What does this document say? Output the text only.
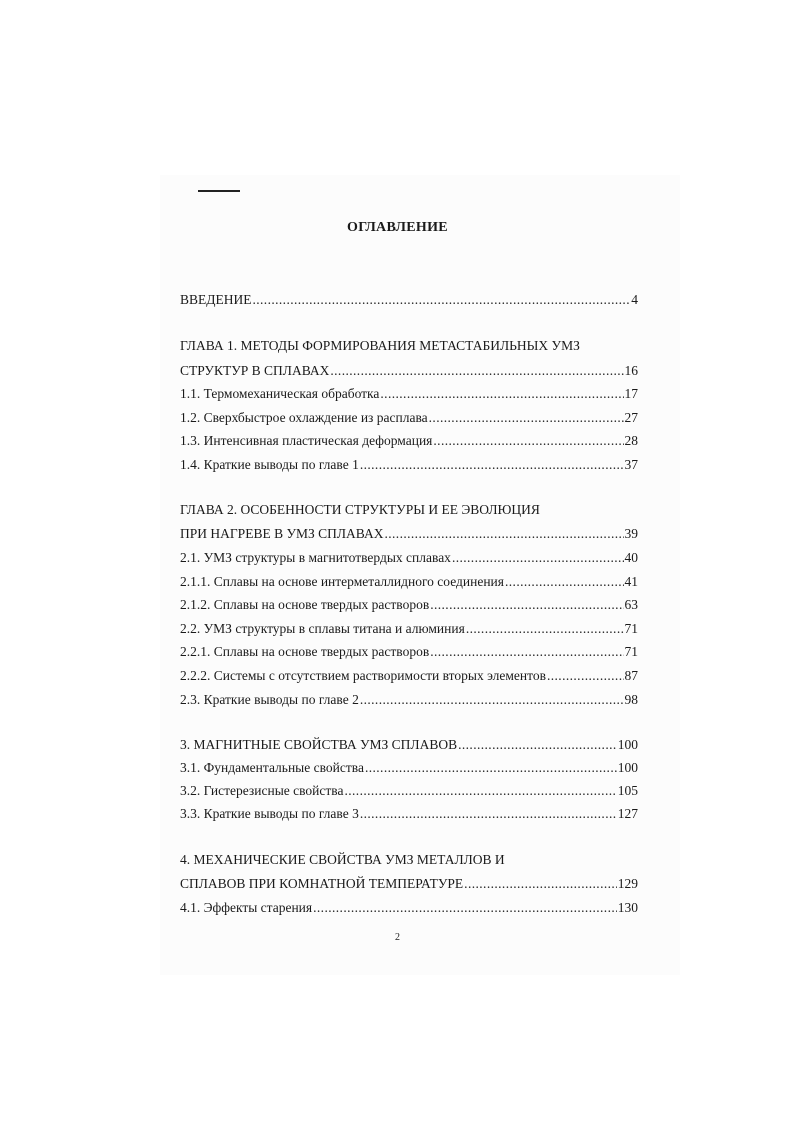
ОГЛАВЛЕНИЕ
ВВЕДЕНИЕ .....	4
ГЛАВА 1. МЕТОДЫ ФОРМИРОВАНИЯ МЕТАСТАБИЛЬНЫХ УМЗ
СТРУКТУР В СПЛАВАХ .....	16
1.1. Термомеханическая обработка .....	17
1.2. Сверхбыстрое охлаждение из расплава .....	27
1.3. Интенсивная пластическая деформация .....	28
1.4. Краткие выводы по главе 1 .....	37
ГЛАВА 2. ОСОБЕННОСТИ СТРУКТУРЫ И ЕЕ ЭВОЛЮЦИЯ
ПРИ НАГРЕВЕ В УМЗ СПЛАВАХ .....	39
2.1. УМЗ структуры в магнитотвердых сплавах .....	40
2.1.1. Сплавы на основе интерметаллидного соединения .....	41
2.1.2. Сплавы на основе твердых растворов .....	63
2.2. УМЗ структуры в сплавы титана и алюминия .....	71
2.2.1. Сплавы на основе твердых растворов .....	71
2.2.2. Системы с отсутствием растворимости вторых элементов .....	87
2.3. Краткие выводы по главе 2 .....	98
3. МАГНИТНЫЕ СВОЙСТВА УМЗ СПЛАВОВ .....	100
3.1. Фундаментальные свойства .....	100
3.2. Гистерезисные свойства .....	105
3.3. Краткие выводы по главе 3 .....	127
4. МЕХАНИЧЕСКИЕ СВОЙСТВА УМЗ МЕТАЛЛОВ И
СПЛАВОВ ПРИ КОМНАТНОЙ ТЕМПЕРАТУРЕ .....	129
4.1. Эффекты старения .....	130
2
